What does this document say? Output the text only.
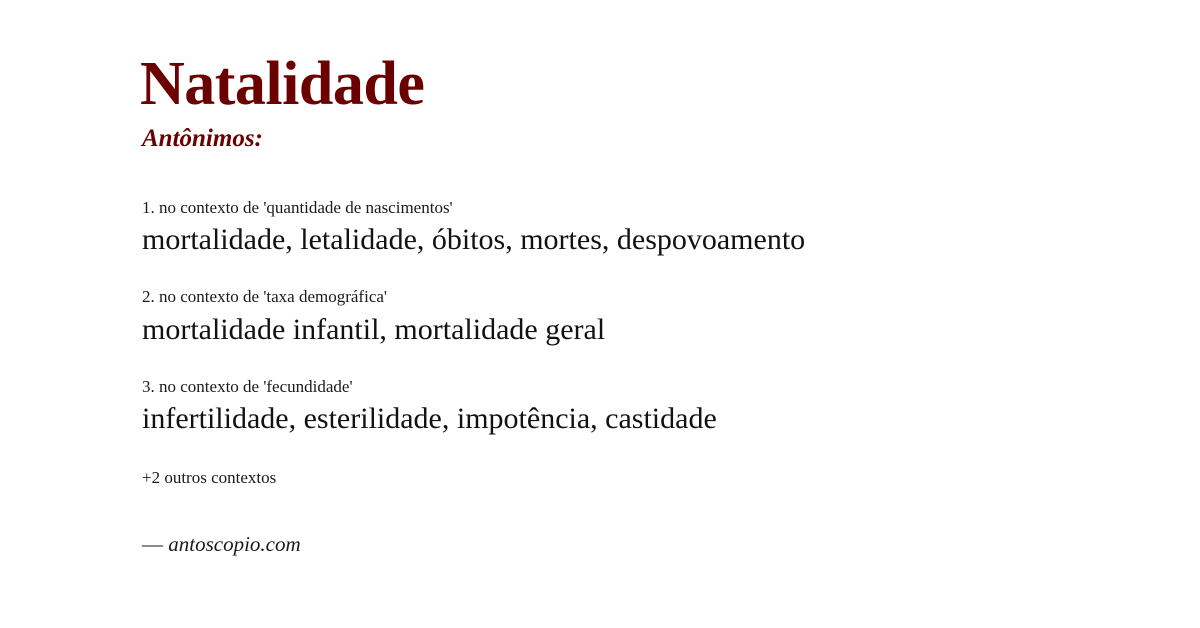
Natalidade
Antônimos:

1. no contexto de 'quantidade de nascimentos'

mortalidade, letalidade, óbitos, mortes, despovoamento

2. no contexto de 'taxa demográfica'

mortalidade infantil, mortalidade geral

3. no contexto de 'fecundidade'

infertilidade, esterilidade, impotência, castidade

+2 outros contextos
— antoscopio.com
